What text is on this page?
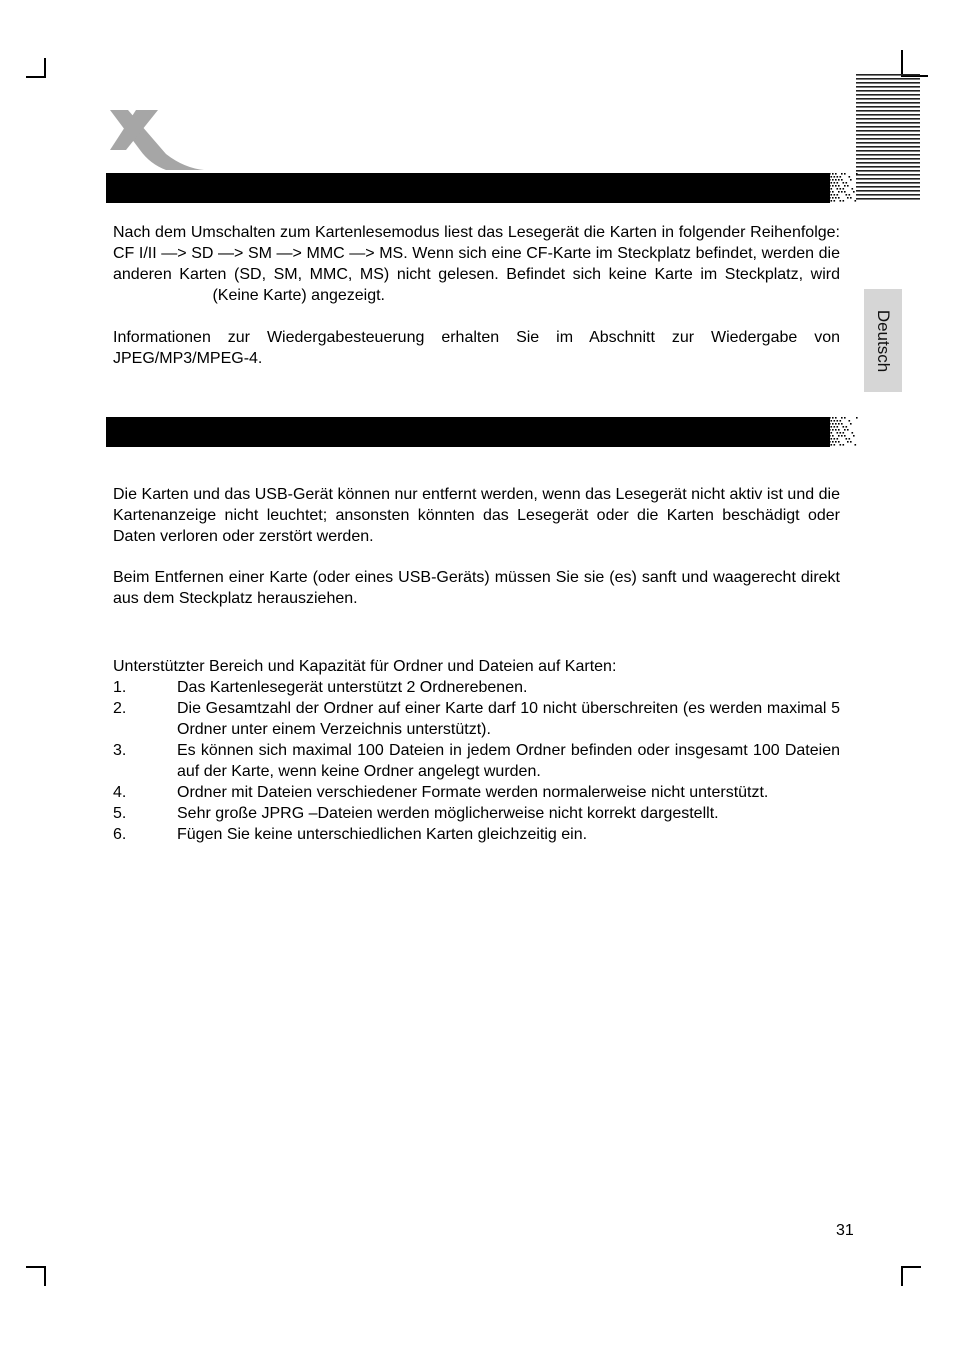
Deutsch

Nach dem Umschalten zum Kartenlesemodus liest das Lesegerät die Karten in folgender Reihenfolge: CF I/II —> SD —> SM —> MMC —> MS. Wenn sich eine CF-Karte im Steckplatz befindet, werden die anderen Karten (SD, SM, MMC, MS) nicht gelesen. Befindet sich keine Karte im Steckplatz, wird  (Keine Karte) angezeigt.

Informationen zur Wiedergabesteuerung erhalten Sie im Abschnitt zur Wiedergabe von JPEG/MP3/MPEG-4.

Die Karten und das USB-Gerät können nur entfernt werden, wenn das Lesegerät nicht aktiv ist und die Kartenanzeige nicht leuchtet; ansonsten könnten das Lesegerät oder die Karten beschädigt oder Daten verloren oder zerstört werden.

Beim Entfernen einer Karte (oder eines USB-Geräts) müssen Sie sie (es) sanft und waagerecht direkt aus dem Steckplatz herausziehen.

Unterstützter Bereich und Kapazität für Ordner und Dateien auf Karten:

1.	Das Kartenlesegerät unterstützt 2 Ordnerebenen.
2.	Die Gesamtzahl der Ordner auf einer Karte darf 10 nicht überschreiten (es werden maximal 5 Ordner unter einem Verzeichnis unterstützt).
3.	Es können sich maximal 100 Dateien in jedem Ordner befinden oder insgesamt 100 Dateien auf der Karte, wenn keine Ordner angelegt wurden.
4.	Ordner mit Dateien verschiedener Formate werden normalerweise nicht unterstützt.
5.	Sehr große JPRG –Dateien werden möglicherweise nicht korrekt dargestellt.
6.	Fügen Sie keine unterschiedlichen Karten gleichzeitig ein.
31
